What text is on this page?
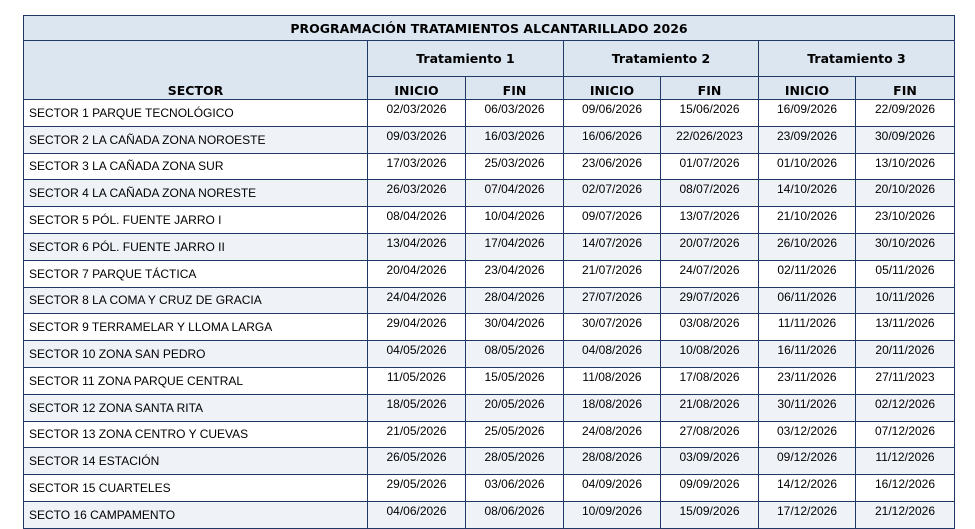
PROGRAMACIÓN TRATAMIENTOS ALCANTARILLADO 2026						
SECTOR	Tratamiento 1		Tratamiento 2		Tratamiento 3	
	INICIO	FIN	INICIO	FIN	INICIO	FIN
SECTOR 1 PARQUE TECNOLÓGICO	02/03/2026	06/03/2026	09/06/2026	15/06/2026	16/09/2026	22/09/2026
SECTOR 2 LA CAÑADA ZONA NOROESTE	09/03/2026	16/03/2026	16/06/2026	22/026/2023	23/09/2026	30/09/2026
SECTOR 3 LA CAÑADA ZONA SUR	17/03/2026	25/03/2026	23/06/2026	01/07/2026	01/10/2026	13/10/2026
SECTOR 4 LA CAÑADA ZONA NORESTE	26/03/2026	07/04/2026	02/07/2026	08/07/2026	14/10/2026	20/10/2026
SECTOR 5 PÓL. FUENTE JARRO I	08/04/2026	10/04/2026	09/07/2026	13/07/2026	21/10/2026	23/10/2026
SECTOR 6 PÓL. FUENTE JARRO II	13/04/2026	17/04/2026	14/07/2026	20/07/2026	26/10/2026	30/10/2026
SECTOR 7 PARQUE TÁCTICA	20/04/2026	23/04/2026	21/07/2026	24/07/2026	02/11/2026	05/11/2026
SECTOR 8 LA COMA Y CRUZ DE GRACIA	24/04/2026	28/04/2026	27/07/2026	29/07/2026	06/11/2026	10/11/2026
SECTOR 9 TERRAMELAR Y LLOMA LARGA	29/04/2026	30/04/2026	30/07/2026	03/08/2026	11/11/2026	13/11/2026
SECTOR 10 ZONA SAN PEDRO	04/05/2026	08/05/2026	04/08/2026	10/08/2026	16/11/2026	20/11/2026
SECTOR 11 ZONA PARQUE CENTRAL	11/05/2026	15/05/2026	11/08/2026	17/08/2026	23/11/2026	27/11/2023
SECTOR 12 ZONA SANTA RITA	18/05/2026	20/05/2026	18/08/2026	21/08/2026	30/11/2026	02/12/2026
SECTOR 13 ZONA CENTRO Y CUEVAS	21/05/2026	25/05/2026	24/08/2026	27/08/2026	03/12/2026	07/12/2026
SECTOR 14 ESTACIÓN	26/05/2026	28/05/2026	28/08/2026	03/09/2026	09/12/2026	11/12/2026
SECTOR 15 CUARTELES	29/05/2026	03/06/2026	04/09/2026	09/09/2026	14/12/2026	16/12/2026
SECTO 16 CAMPAMENTO	04/06/2026	08/06/2026	10/09/2026	15/09/2026	17/12/2026	21/12/2026
